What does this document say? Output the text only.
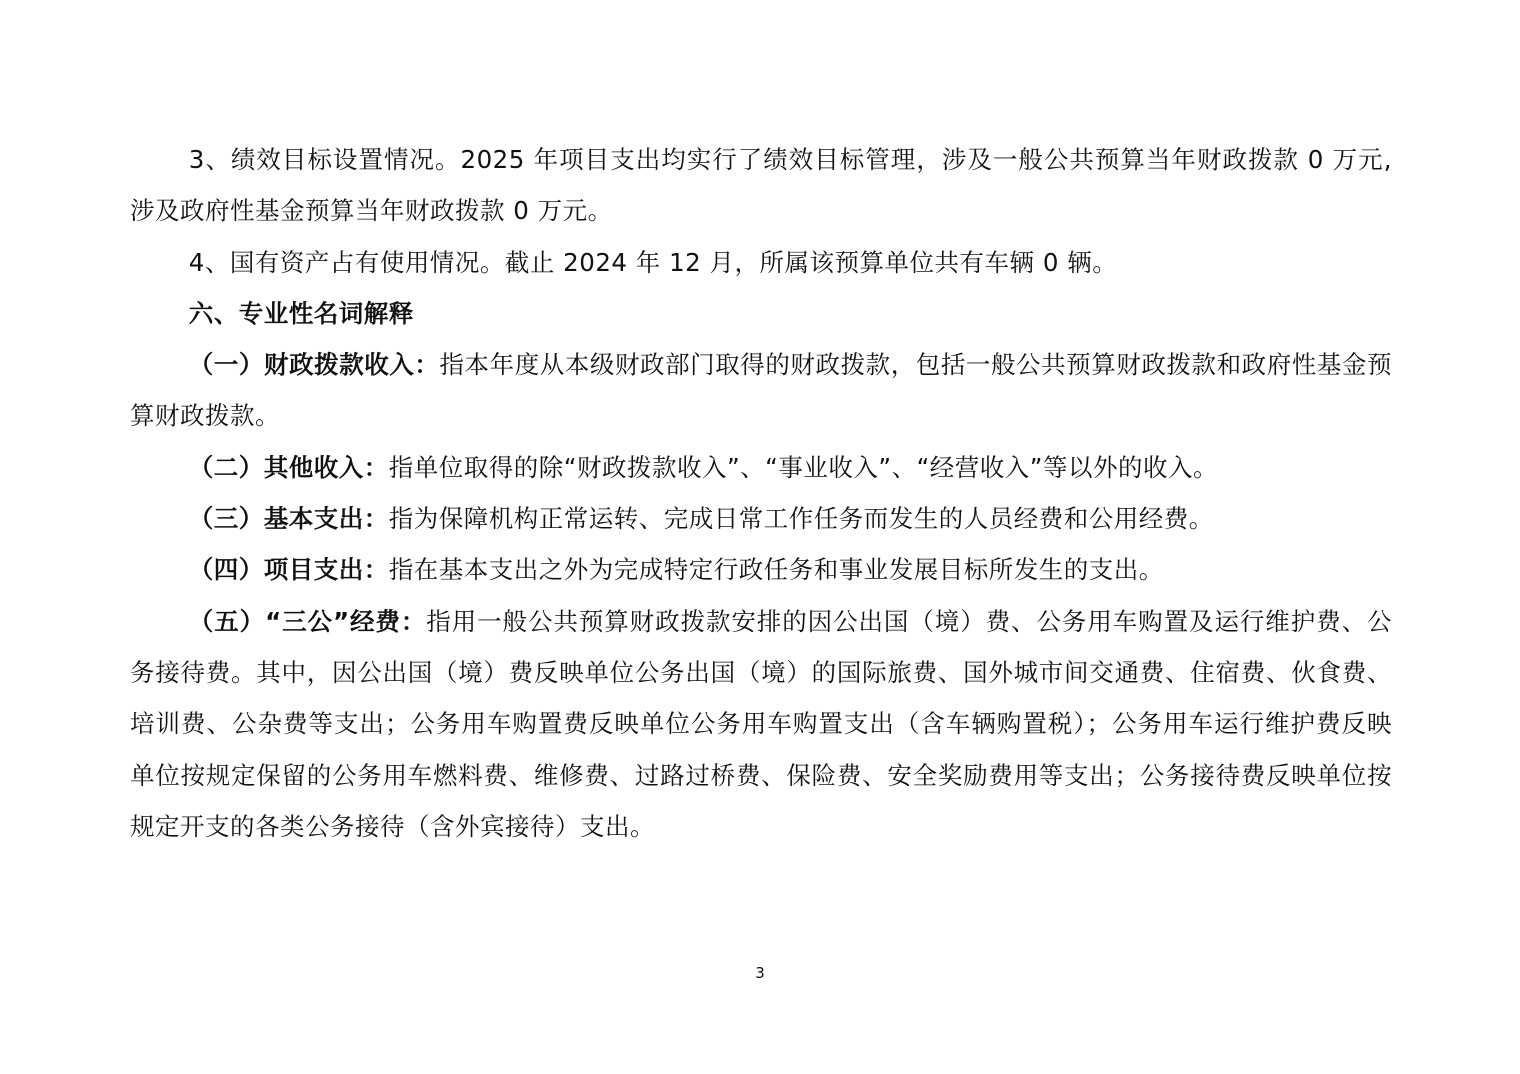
3、绩效目标设置情况。2025 年项目支出均实行了绩效目标管理，涉及一般公共预算当年财政拨款 0 万元,涉及政府性基金预算当年财政拨款 0 万元。

4、国有资产占有使用情况。截止 2024 年 12 月，所属该预算单位共有车辆 0 辆。

六、专业性名词解释

（一）财政拨款收入：指本年度从本级财政部门取得的财政拨款，包括一般公共预算财政拨款和政府性基金预算财政拨款。

（二）其他收入：指单位取得的除“财政拨款收入”、“事业收入”、“经营收入”等以外的收入。

（三）基本支出：指为保障机构正常运转、完成日常工作任务而发生的人员经费和公用经费。

（四）项目支出：指在基本支出之外为完成特定行政任务和事业发展目标所发生的支出。

（五）“三公”经费：指用一般公共预算财政拨款安排的因公出国（境）费、公务用车购置及运行维护费、公务接待费。其中，因公出国（境）费反映单位公务出国（境）的国际旅费、国外城市间交通费、住宿费、伙食费、培训费、公杂费等支出；公务用车购置费反映单位公务用车购置支出（含车辆购置税）；公务用车运行维护费反映单位按规定保留的公务用车燃料费、维修费、过路过桥费、保险费、安全奖励费用等支出；公务接待费反映单位按规定开支的各类公务接待（含外宾接待）支出。

3
